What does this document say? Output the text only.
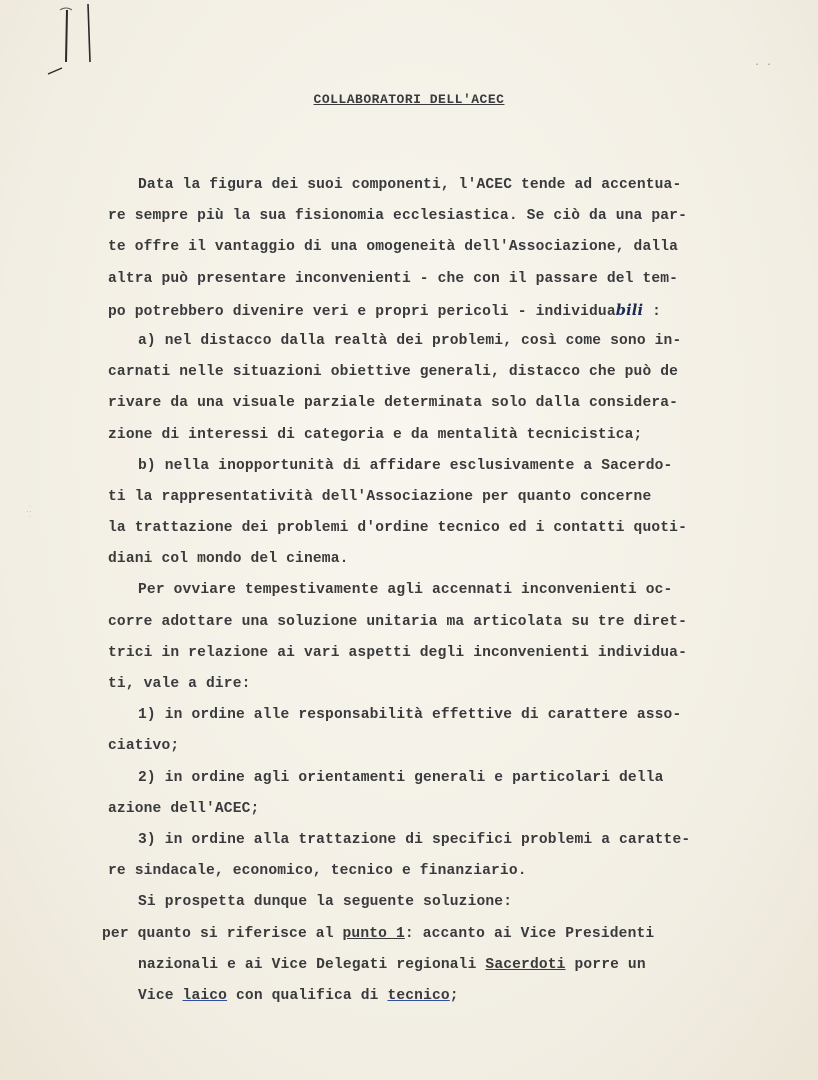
· ·
· : ·
COLLABORATORI DELL'ACEC
Data la figura dei suoi componenti, l'ACEC tende ad accentua-
re sempre più la sua fisionomia ecclesiastica. Se ciò da una par-
te offre il vantaggio di una omogeneità dell'Associazione, dalla
altra può presentare inconvenienti - che con il passare del tem-
po potrebbero divenire veri e propri pericoli - individuabili :
a) nel distacco dalla realtà dei problemi, così come sono in-
carnati nelle situazioni obiettive generali, distacco che può de
rivare da una visuale parziale determinata solo dalla considera-
zione di interessi di categoria e da mentalità tecnicistica;
b) nella inopportunità di affidare esclusivamente a Sacerdo-
ti la rappresentatività dell'Associazione per quanto concerne
la trattazione dei problemi d'ordine tecnico ed i contatti quoti-
diani col mondo del cinema.
Per ovviare tempestivamente agli accennati inconvenienti oc-
corre adottare una soluzione unitaria ma articolata su tre diret-
trici in relazione ai vari aspetti degli inconvenienti individua-
ti, vale a dire:
1) in ordine alle responsabilità effettive di carattere asso-
ciativo;
2) in ordine agli orientamenti generali e particolari della
azione dell'ACEC;
3) in ordine alla trattazione di specifici problemi a caratte-
re sindacale, economico, tecnico e finanziario.
Si prospetta dunque la seguente soluzione:
per quanto si riferisce al punto 1: accanto ai Vice Presidenti
nazionali e ai Vice Delegati regionali Sacerdoti porre un
Vice laico con qualifica di tecnico;
